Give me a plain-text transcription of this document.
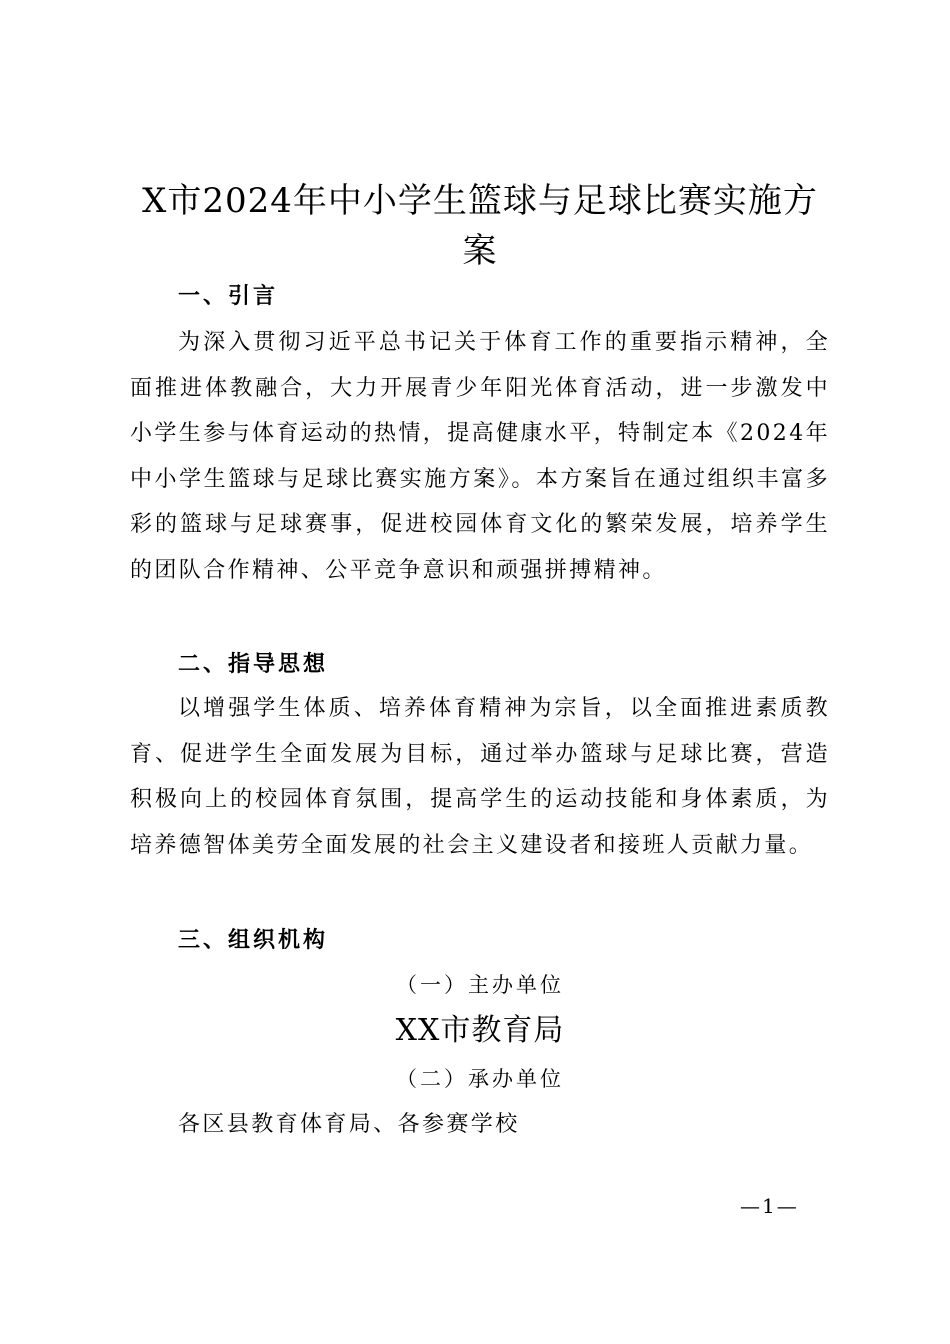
X市2024年中小学生篮球与足球比赛实施方案
一、引言
为深入贯彻习近平总书记关于体育工作的重要指示精神，全面推进体教融合，大力开展青少年阳光体育活动，进一步激发中小学生参与体育运动的热情，提高健康水平，特制定本《2024年中小学生篮球与足球比赛实施方案》。本方案旨在通过组织丰富多彩的篮球与足球赛事，促进校园体育文化的繁荣发展，培养学生的团队合作精神、公平竞争意识和顽强拼搏精神。
二、指导思想
以增强学生体质、培养体育精神为宗旨，以全面推进素质教育、促进学生全面发展为目标，通过举办篮球与足球比赛，营造积极向上的校园体育氛围，提高学生的运动技能和身体素质，为培养德智体美劳全面发展的社会主义建设者和接班人贡献力量。
三、组织机构
（一）主办单位
XX市教育局
（二）承办单位
各区县教育体育局、各参赛学校
—1—
